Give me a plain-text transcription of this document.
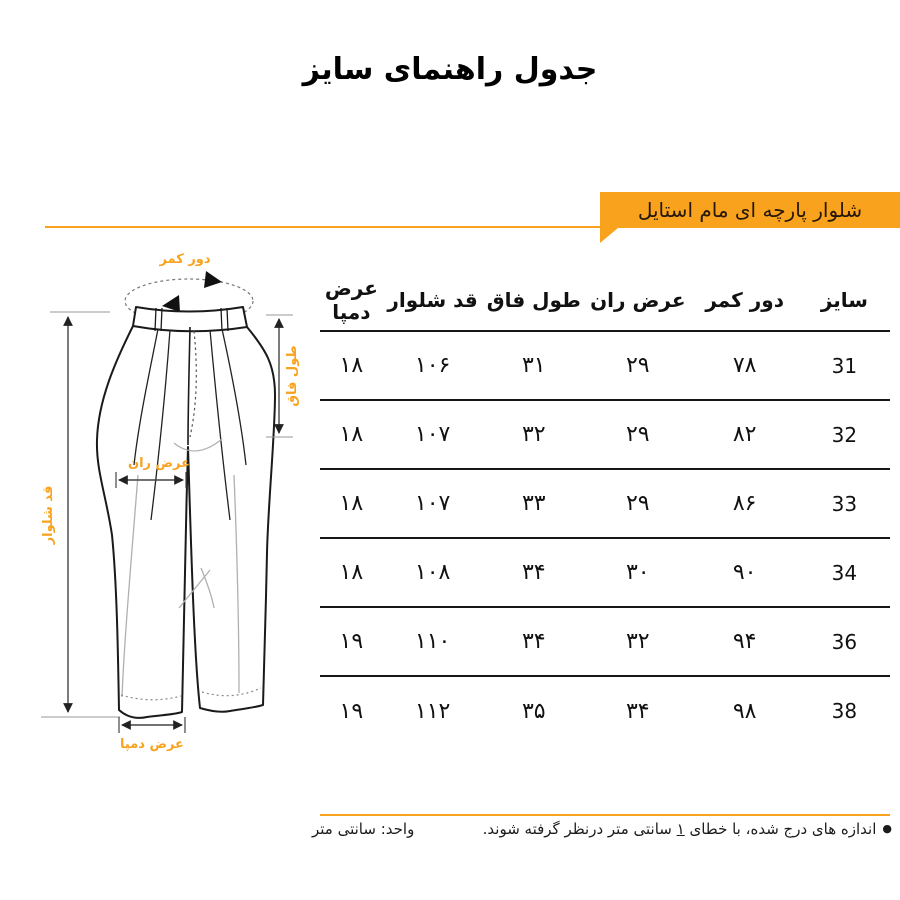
جدول راهنمای سایز
شلوار پارچه ای مام استایل
دور کمر
قد شلوار
طول فاق
عرض ران
عرض دمپا
سایز	دور کمر	عرض ران	طول فاق	قد شلوار	عرض دمپا
31	۷۸	۲۹	۳۱	۱۰۶	۱۸
32	۸۲	۲۹	۳۲	۱۰۷	۱۸
33	۸۶	۲۹	۳۳	۱۰۷	۱۸
34	۹۰	۳۰	۳۴	۱۰۸	۱۸
36	۹۴	۳۲	۳۴	۱۱۰	۱۹
38	۹۸	۳۴	۳۵	۱۱۲	۱۹
●اندازه های درج شده، با خطای ۱ سانتی متر درنظر گرفته شوند.
واحد: سانتی متر
